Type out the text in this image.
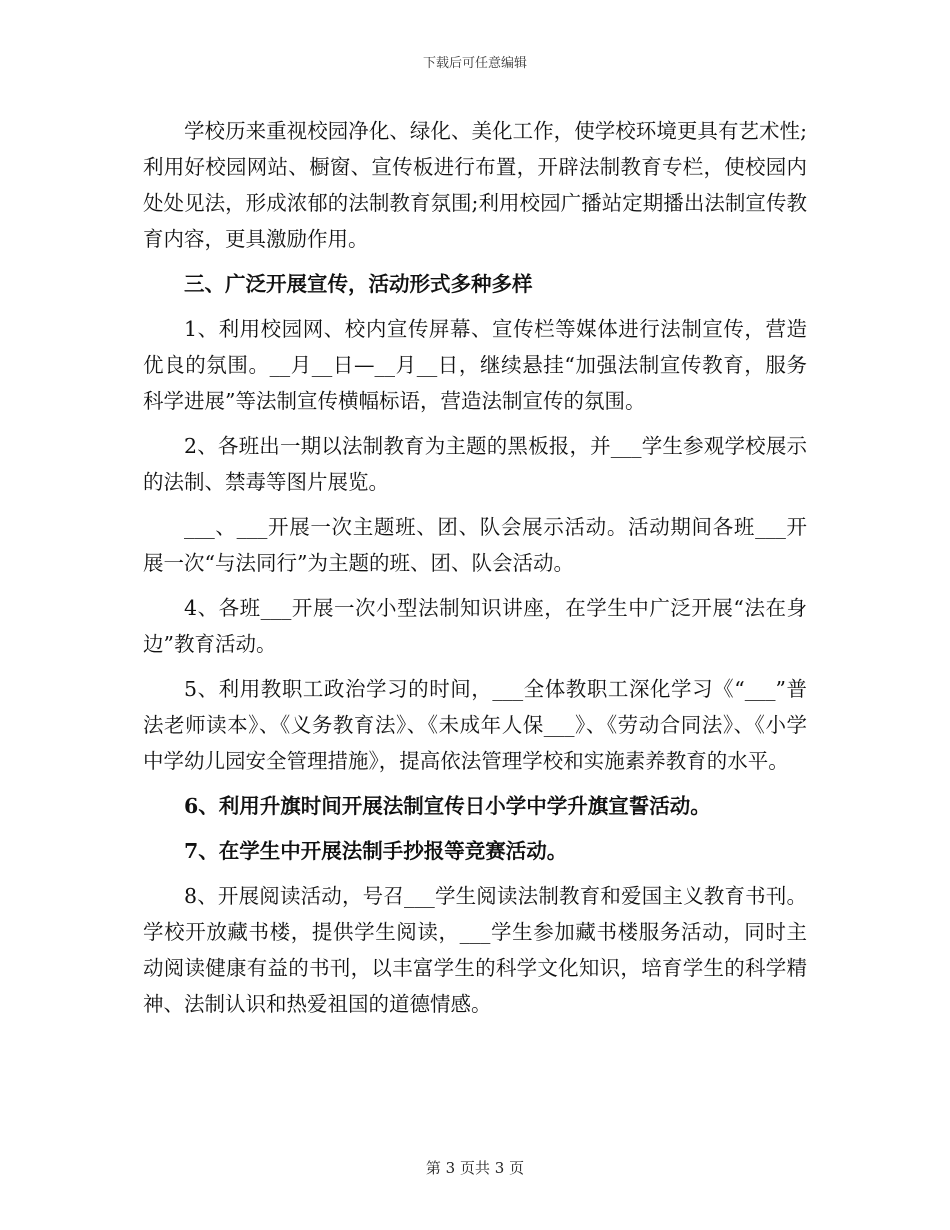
下载后可任意编辑

学校历来重视校园净化、绿化、美化工作，使学校环境更具有艺术性;利用好校园网站、橱窗、宣传板进行布置，开辟法制教育专栏，使校园内处处见法，形成浓郁的法制教育氛围;利用校园广播站定期播出法制宣传教育内容，更具激励作用。

三、广泛开展宣传，活动形式多种多样

1、利用校园网、校内宣传屏幕、宣传栏等媒体进行法制宣传，营造优良的氛围。__月__日—__月__日，继续悬挂“加强法制宣传教育，服务科学进展”等法制宣传横幅标语，营造法制宣传的氛围。

2、各班出一期以法制教育为主题的黑板报，并___学生参观学校展示的法制、禁毒等图片展览。

___、___开展一次主题班、团、队会展示活动。活动期间各班___开展一次“与法同行”为主题的班、团、队会活动。

4、各班___开展一次小型法制知识讲座，在学生中广泛开展“法在身边”教育活动。

5、利用教职工政治学习的时间，___全体教职工深化学习《“___”普法老师读本》、《义务教育法》、《未成年人保___》、《劳动合同法》、《小学中学幼儿园安全管理措施》，提高依法管理学校和实施素养教育的水平。

6、利用升旗时间开展法制宣传日小学中学升旗宣誓活动。

7、在学生中开展法制手抄报等竞赛活动。

8、开展阅读活动，号召___学生阅读法制教育和爱国主义教育书刊。学校开放藏书楼，提供学生阅读，___学生参加藏书楼服务活动，同时主动阅读健康有益的书刊，以丰富学生的科学文化知识，培育学生的科学精神、法制认识和热爱祖国的道德情感。

第 3 页共 3 页
